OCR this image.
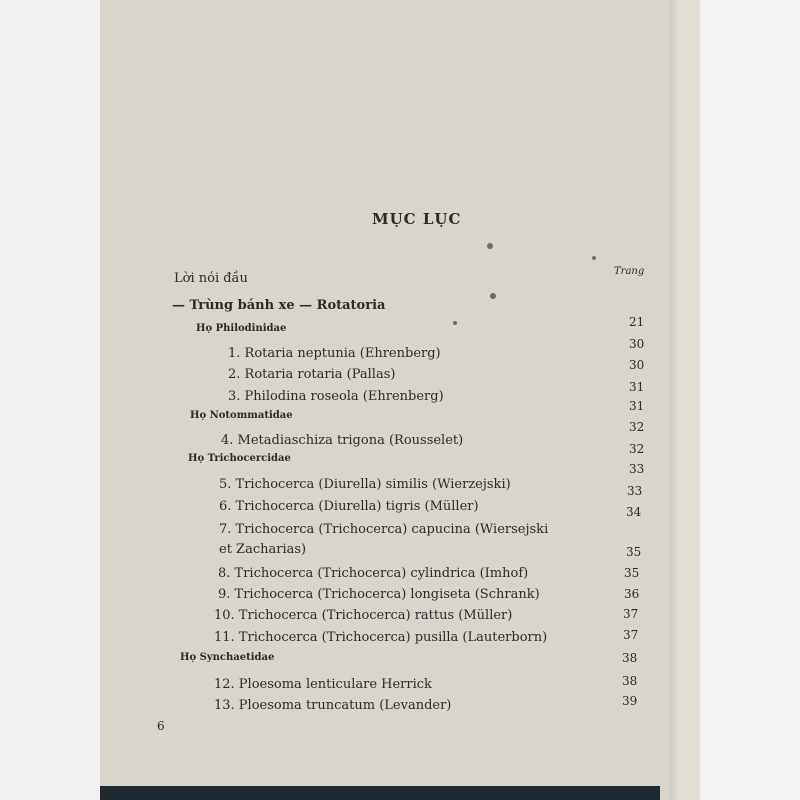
MỤC LỤC
Trang
Lời nói đầu
— Trùng bánh xe — Rotatoria
Họ Philodinidae
1. Rotaria neptunia (Ehrenberg)
2. Rotaria rotaria (Pallas)
3. Philodina roseola (Ehrenberg)
Họ Notommatidae
4. Metadiaschiza trigona (Rousselet)
Họ Trichocercidae
5. Trichocerca (Diurella) similis (Wierzejski)
6. Trichocerca (Diurella) tigris (Müller)
7. Trichocerca (Trichocerca) capucina (Wiersejski
et Zacharias)
8. Trichocerca (Trichocerca) cylindrica (Imhof)
9. Trichocerca (Trichocerca) longiseta (Schrank)
10. Trichocerca (Trichocerca) rattus (Müller)
11. Trichocerca (Trichocerca) pusilla (Lauterborn)
Họ Synchaetidae
12. Ploesoma lenticulare Herrick
13. Ploesoma truncatum (Levander)
21
30
30
31
31
32
32
33
33
34
35
35
36
37
37
38
38
39
6
